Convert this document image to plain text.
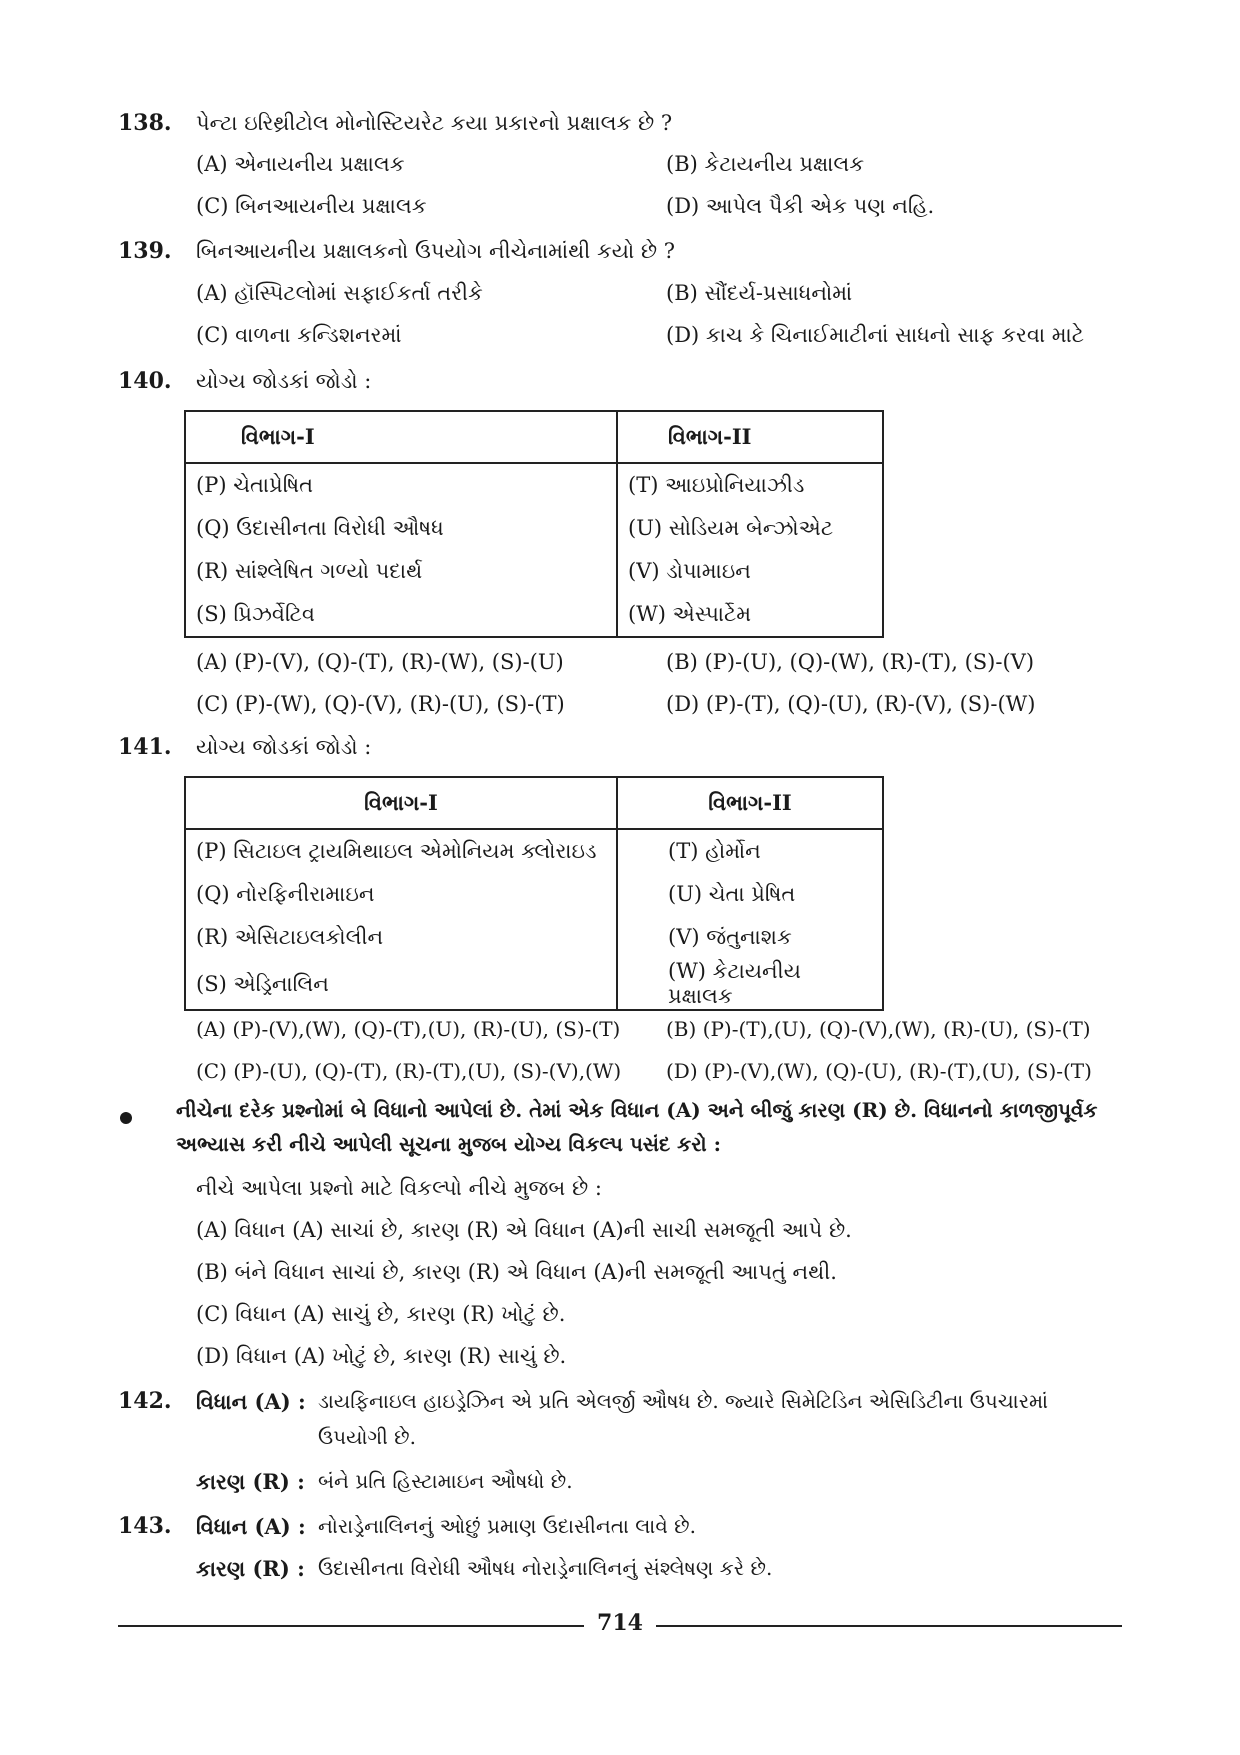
138. પેન્ટા ઇરિથ્રીટોલ મોનોસ્ટિયરેટ કયા પ્રકારનો પ્રક્ષાલક છે ?
(A) એનાયનીય પ્રક્ષાલક	(B) કેટાયનીય પ્રક્ષાલક
(C) બિનઆયનીય પ્રક્ષાલક	(D) આપેલ પૈકી એક પણ નહિ.
139. બિનઆયનીય પ્રક્ષાલકનો ઉપયોગ નીચેનામાંથી કયો છે ?
(A) હૉસ્પિટલોમાં સફાઈકર્તા તરીકે	(B) સૌંદર્ય-પ્રસાધનોમાં
(C) વાળના કન્ડિશનરમાં	(D) કાચ કે ચિનાઈમાટીનાં સાધનો સાફ કરવા માટે
140. યોગ્ય જોડકાં જોડો :
વિભાગ-I	વિભાગ-II
(P) ચેતાપ્રેષિત	(T) આઇપ્રોનિયાઝીડ
(Q) ઉદાસીનતા વિરોધી ઔષધ	(U) સોડિયમ બેન્ઝોએટ
(R) સાંશ્લેષિત ગળ્યો પદાર્થ	(V) ડોપામાઇન
(S) પ્રિઝર્વેટિવ	(W) એસ્પાર્ટેમ
(A) (P)-(V), (Q)-(T), (R)-(W), (S)-(U)	(B) (P)-(U), (Q)-(W), (R)-(T), (S)-(V)
(C) (P)-(W), (Q)-(V), (R)-(U), (S)-(T)	(D) (P)-(T), (Q)-(U), (R)-(V), (S)-(W)
141. યોગ્ય જોડકાં જોડો :
વિભાગ-I	વિભાગ-II
(P) સિટાઇલ ટ્રાયમિથાઇલ એમોનિયમ ક્લોરાઇડ	(T) હોર્મોન
(Q) નોરફિનીરામાઇન	(U) ચેતા પ્રેષિત
(R) એસિટાઇલકોલીન	(V) જંતુનાશક
(S) એડ્રિનાલિન	(W) કેટાયનીય પ્રક્ષાલક
(A) (P)-(V),(W), (Q)-(T),(U), (R)-(U), (S)-(T) (B) (P)-(T),(U), (Q)-(V),(W), (R)-(U), (S)-(T)
(C) (P)-(U), (Q)-(T), (R)-(T),(U), (S)-(V),(W) (D) (P)-(V),(W), (Q)-(U), (R)-(T),(U), (S)-(T)
નીચેના દરેક પ્રશ્નોમાં બે વિધાનો આપેલાં છે. તેમાં એક વિધાન (A) અને બીજું કારણ (R) છે. વિધાનનો કાળજીપૂર્વક
અભ્યાસ કરી નીચે આપેલી સૂચના મુજબ યોગ્ય વિકલ્પ પસંદ કરો :
નીચે આપેલા પ્રશ્નો માટે વિકલ્પો નીચે મુજબ છે :
(A) વિધાન (A) સાચાં છે, કારણ (R) એ વિધાન (A)ની સાચી સમજૂતી આપે છે.
(B) બંને વિધાન સાચાં છે, કારણ (R) એ વિધાન (A)ની સમજૂતી આપતું નથી.
(C) વિધાન (A) સાચું છે, કારણ (R) ખોટું છે.
(D) વિધાન (A) ખોટું છે, કારણ (R) સાચું છે.
142. વિધાન (A) : ડાયફિનાઇલ હાઇડ્રેઝિન એ પ્રતિ એલર્જી ઔષધ છે. જ્યારે સિમેટિડિન એસિડિટીના ઉપચારમાં
ઉપયોગી છે.
કારણ (R) : બંને પ્રતિ હિસ્ટામાઇન ઔષધો છે.
143. વિધાન (A) : નોરાડ્રેનાલિનનું ઓછું પ્રમાણ ઉદાસીનતા લાવે છે.
કારણ (R) : ઉદાસીનતા વિરોધી ઔષધ નોરાડ્રેનાલિનનું સંશ્લેષણ કરે છે.
714
